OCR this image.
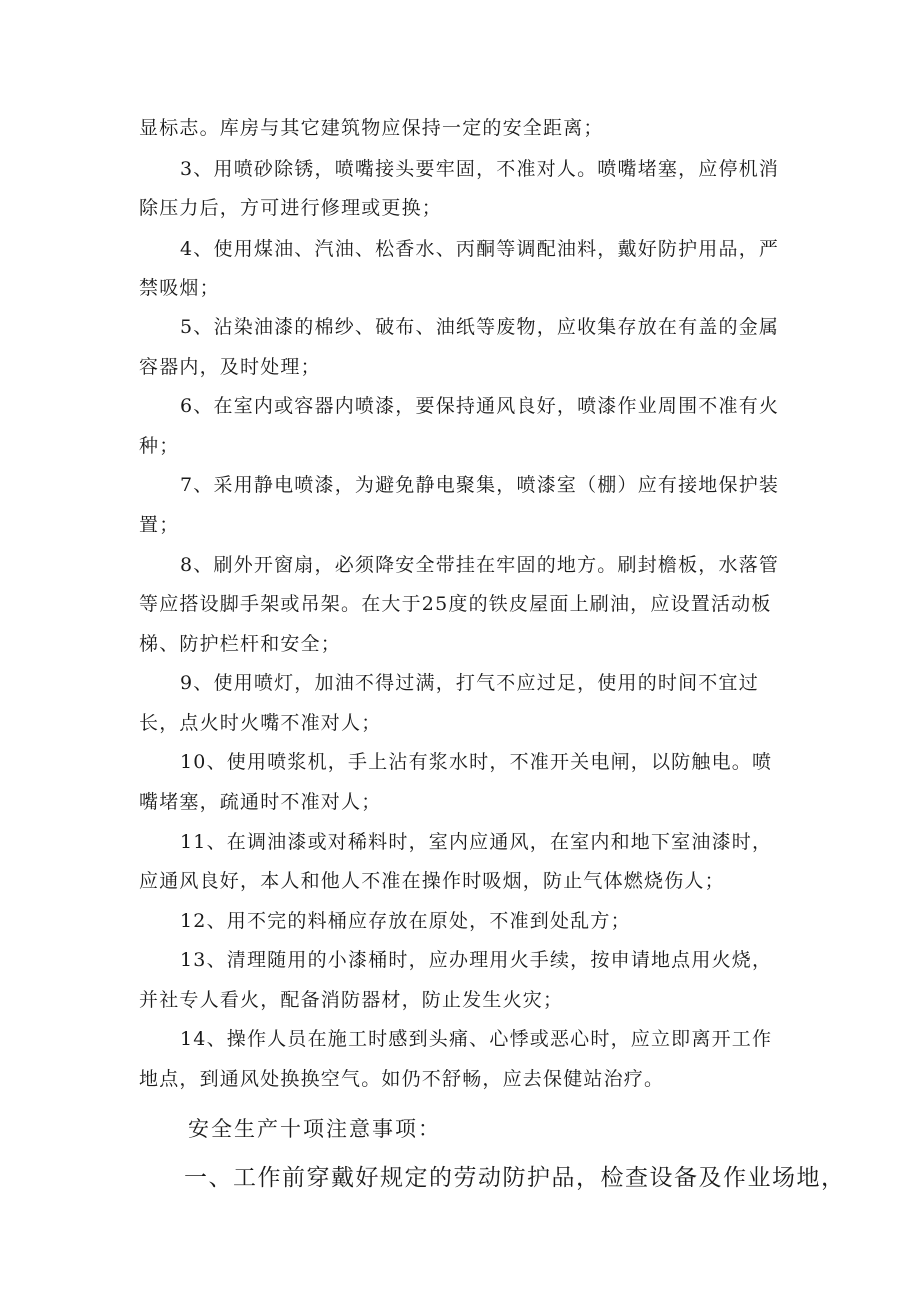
显标志。库房与其它建筑物应保持一定的安全距离；
3、用喷砂除锈，喷嘴接头要牢固，不准对人。喷嘴堵塞，应停机消
除压力后，方可进行修理或更换；
4、使用煤油、汽油、松香水、丙酮等调配油料，戴好防护用品，严
禁吸烟；
5、沾染油漆的棉纱、破布、油纸等废物，应收集存放在有盖的金属
容器内，及时处理；
6、在室内或容器内喷漆，要保持通风良好，喷漆作业周围不准有火
种；
7、采用静电喷漆，为避免静电聚集，喷漆室（棚）应有接地保护装
置；
8、刷外开窗扇，必须降安全带挂在牢固的地方。刷封檐板，水落管
等应搭设脚手架或吊架。在大于25度的铁皮屋面上刷油，应设置活动板
梯、防护栏杆和安全；
9、使用喷灯，加油不得过满，打气不应过足，使用的时间不宜过
长，点火时火嘴不准对人；
10、使用喷浆机，手上沾有浆水时，不准开关电闸，以防触电。喷
嘴堵塞，疏通时不准对人；
11、在调油漆或对稀料时，室内应通风，在室内和地下室油漆时，
应通风良好，本人和他人不准在操作时吸烟，防止气体燃烧伤人；
12、用不完的料桶应存放在原处，不准到处乱方；
13、清理随用的小漆桶时，应办理用火手续，按申请地点用火烧，
并社专人看火，配备消防器材，防止发生火灾；
14、操作人员在施工时感到头痛、心悸或恶心时，应立即离开工作
地点，到通风处换换空气。如仍不舒畅，应去保健站治疗。
安全生产十项注意事项：
一、工作前穿戴好规定的劳动防护品，检查设备及作业场地，
